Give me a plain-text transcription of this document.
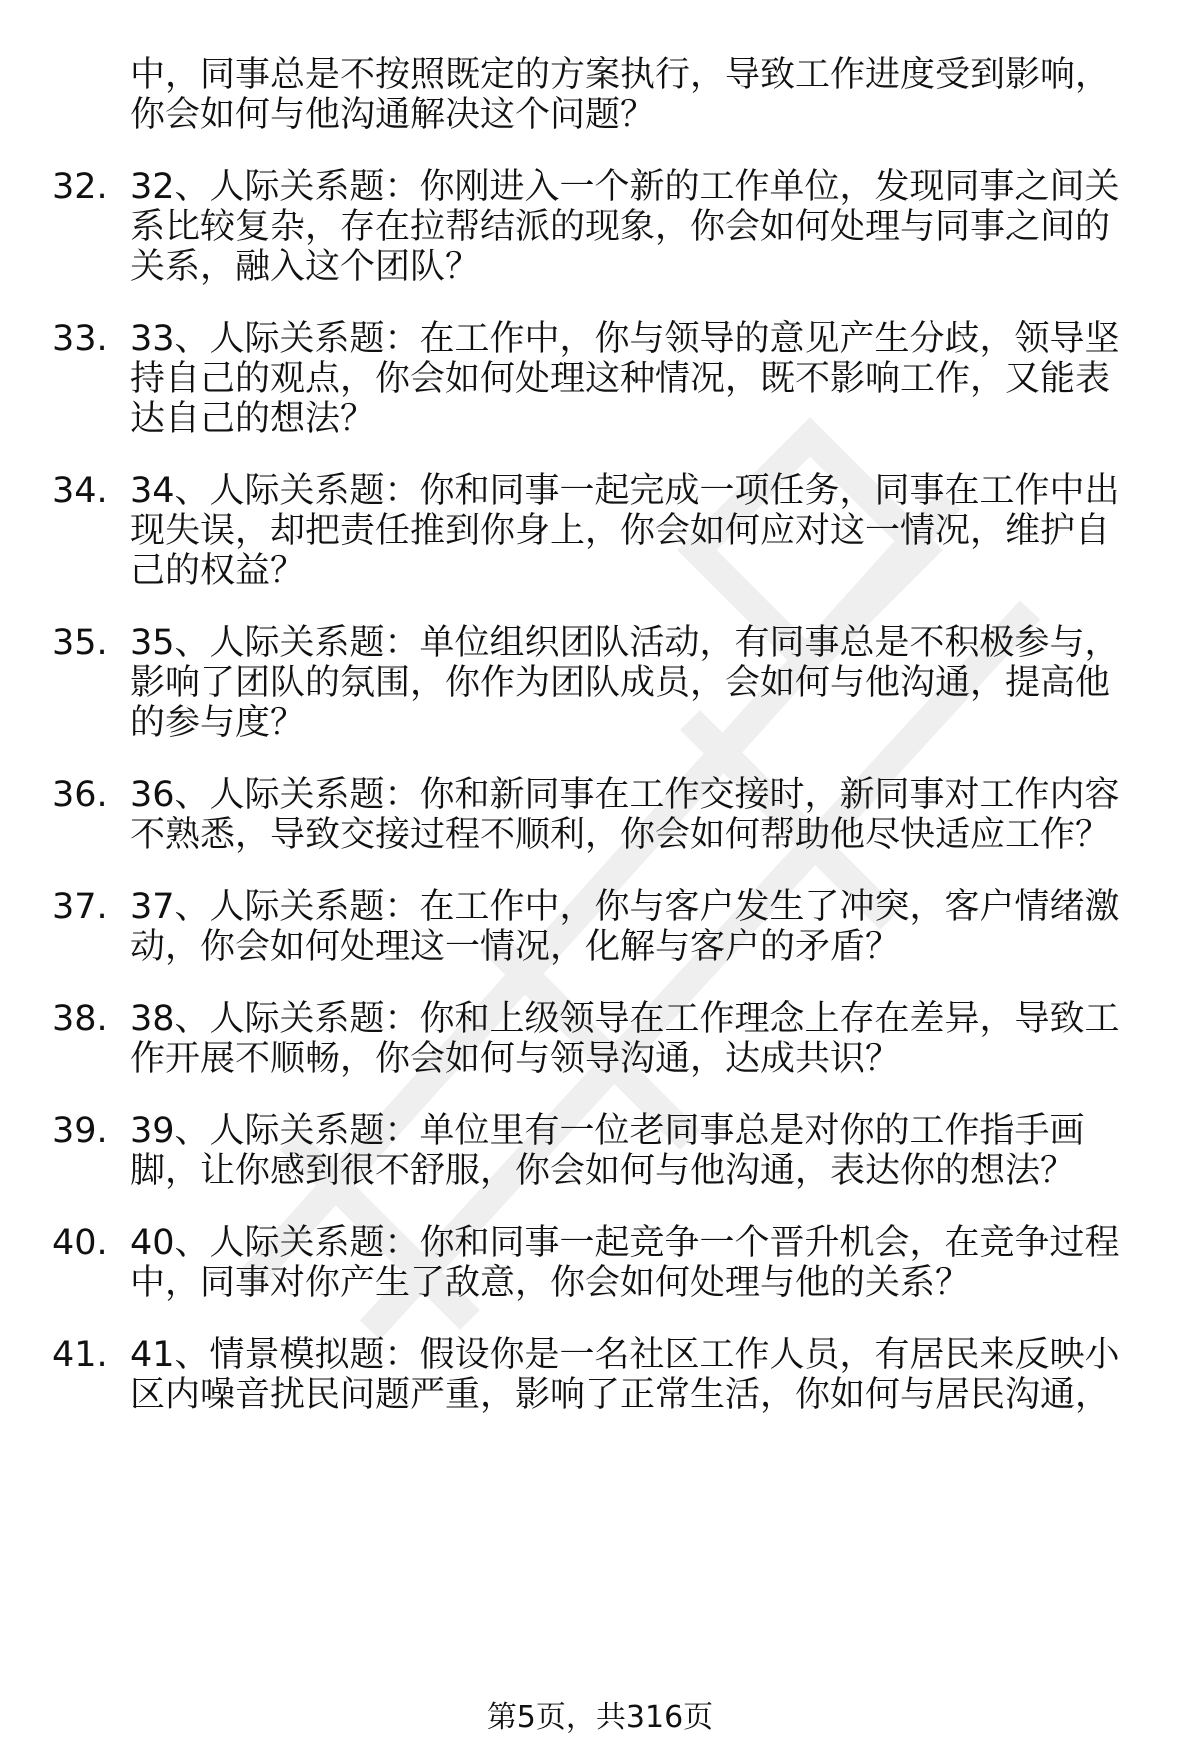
中，同事总是不按照既定的方案执行，导致工作进度受到影响，
你会如何与他沟通解决这个问题？
32. 32、人际关系题：你刚进入一个新的工作单位，发现同事之间关
系比较复杂，存在拉帮结派的现象，你会如何处理与同事之间的
关系，融入这个团队？
33. 33、人际关系题：在工作中，你与领导的意见产生分歧，领导坚
持自己的观点，你会如何处理这种情况，既不影响工作，又能表
达自己的想法？
34. 34、人际关系题：你和同事一起完成一项任务，同事在工作中出
现失误，却把责任推到你身上，你会如何应对这一情况，维护自
己的权益？
35. 35、人际关系题：单位组织团队活动，有同事总是不积极参与，
影响了团队的氛围，你作为团队成员，会如何与他沟通，提高他
的参与度？
36. 36、人际关系题：你和新同事在工作交接时，新同事对工作内容
不熟悉，导致交接过程不顺利，你会如何帮助他尽快适应工作？
37. 37、人际关系题：在工作中，你与客户发生了冲突，客户情绪激
动，你会如何处理这一情况，化解与客户的矛盾？
38. 38、人际关系题：你和上级领导在工作理念上存在差异，导致工
作开展不顺畅，你会如何与领导沟通，达成共识？
39. 39、人际关系题：单位里有一位老同事总是对你的工作指手画
脚，让你感到很不舒服，你会如何与他沟通，表达你的想法？
40. 40、人际关系题：你和同事一起竞争一个晋升机会，在竞争过程
中，同事对你产生了敌意，你会如何处理与他的关系？
41. 41、情景模拟题：假设你是一名社区工作人员，有居民来反映小
区内噪音扰民问题严重，影响了正常生活，你如何与居民沟通，
第5页，共316页
